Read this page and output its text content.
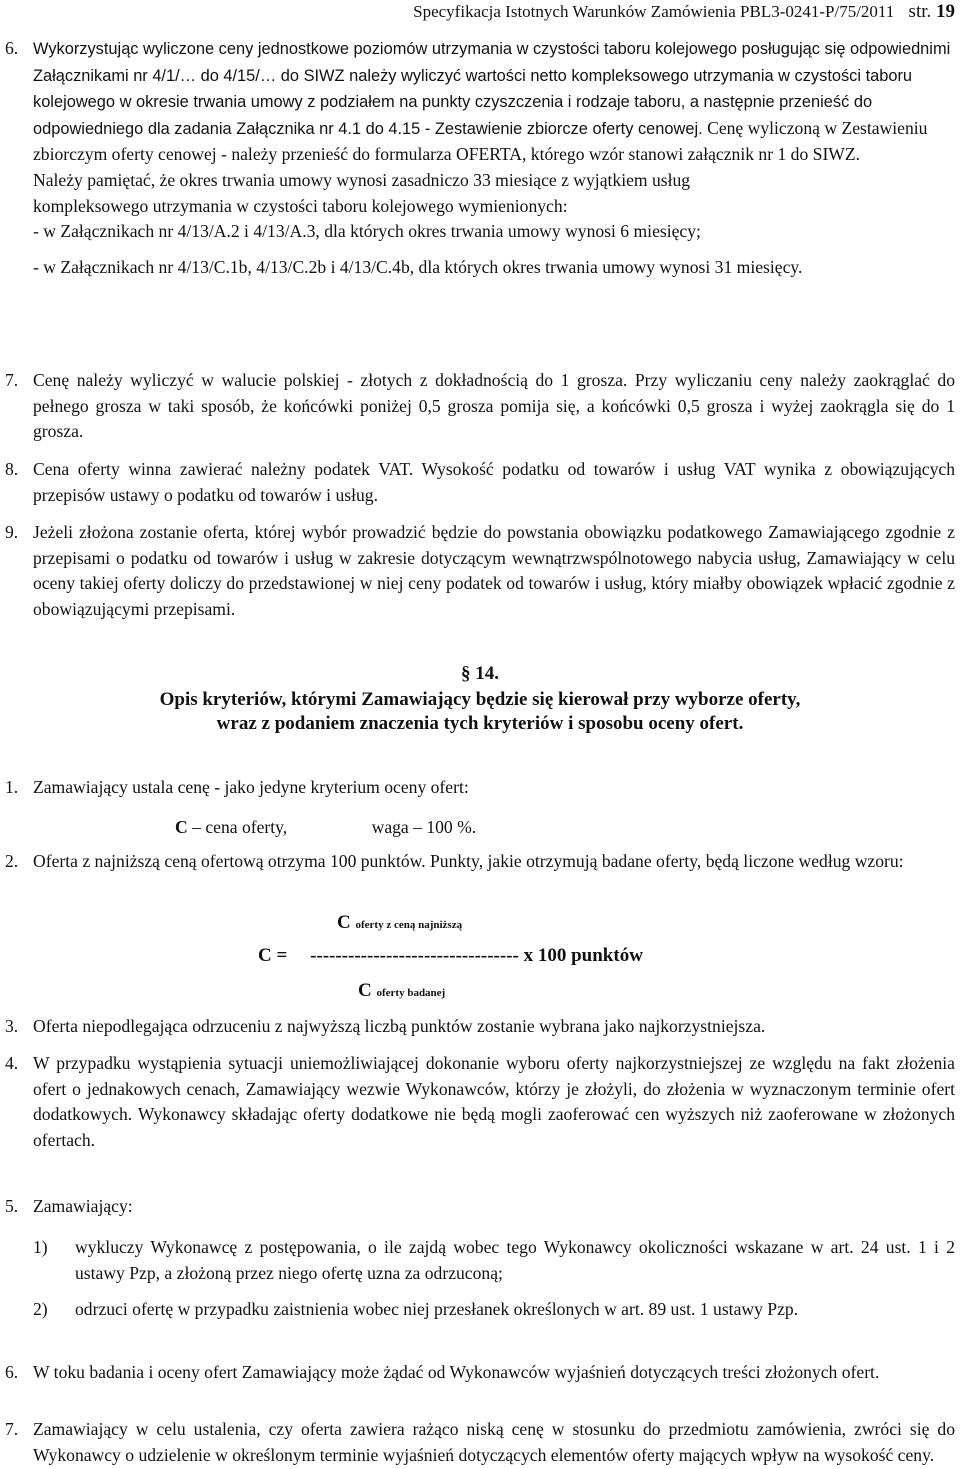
Specyfikacja Istotnych Warunków Zamówienia PBL3-0241-P/75/2011 str. 19
6. Wykorzystując wyliczone ceny jednostkowe poziomów utrzymania w czystości taboru kolejowego posługując się odpowiednimi Załącznikami nr 4/1/… do 4/15/… do SIWZ należy wyliczyć wartości netto kompleksowego utrzymania w czystości taboru kolejowego w okresie trwania umowy z podziałem na punkty czyszczenia i rodzaje taboru, a następnie przenieść do odpowiedniego dla zadania Załącznika nr 4.1 do 4.15 - Zestawienie zbiorcze oferty cenowej. Cenę wyliczoną w Zestawieniu zbiorczym oferty cenowej - należy przenieść do formularza OFERTA, którego wzór stanowi załącznik nr 1 do SIWZ.
Należy pamiętać, że okres trwania umowy wynosi zasadniczo 33 miesiące z wyjątkiem usług
kompleksowego utrzymania w czystości taboru kolejowego wymienionych:
- w Załącznikach nr 4/13/A.2 i 4/13/A.3, dla których okres trwania umowy wynosi 6 miesięcy;
- w Załącznikach nr 4/13/C.1b, 4/13/C.2b i 4/13/C.4b, dla których okres trwania umowy wynosi 31 miesięcy.
7. Cenę należy wyliczyć w walucie polskiej - złotych z dokładnością do 1 grosza. Przy wyliczaniu ceny należy zaokrąglać do pełnego grosza w taki sposób, że końcówki poniżej 0,5 grosza pomija się, a końcówki 0,5 grosza i wyżej zaokrągla się do 1 grosza.
8. Cena oferty winna zawierać należny podatek VAT. Wysokość podatku od towarów i usług VAT wynika z obowiązujących przepisów ustawy o podatku od towarów i usług.
9. Jeżeli złożona zostanie oferta, której wybór prowadzić będzie do powstania obowiązku podatkowego Zamawiającego zgodnie z przepisami o podatku od towarów i usług w zakresie dotyczącym wewnątrzwspólnotowego nabycia usług, Zamawiający w celu oceny takiej oferty doliczy do przedstawionej w niej ceny podatek od towarów i usług, który miałby obowiązek wpłacić zgodnie z obowiązującymi przepisami.
§ 14.
Opis kryteriów, którymi Zamawiający będzie się kierował przy wyborze oferty,
wraz z podaniem znaczenia tych kryteriów i sposobu oceny ofert.
1. Zamawiający ustala cenę - jako jedyne kryterium oceny ofert:
C – cena oferty,	waga – 100 %.
2. Oferta z najniższą ceną ofertową otrzyma 100 punktów. Punkty, jakie otrzymują badane oferty, będą liczone według wzoru:
C oferty z ceną najniższą
C = --------------------------------- x 100 punktów
C oferty badanej
3. Oferta niepodlegająca odrzuceniu z najwyższą liczbą punktów zostanie wybrana jako najkorzystniejsza.
4. W przypadku wystąpienia sytuacji uniemożliwiającej dokonanie wyboru oferty najkorzystniejszej ze względu na fakt złożenia ofert o jednakowych cenach, Zamawiający wezwie Wykonawców, którzy je złożyli, do złożenia w wyznaczonym terminie ofert dodatkowych. Wykonawcy składając oferty dodatkowe nie będą mogli zaoferować cen wyższych niż zaoferowane w złożonych ofertach.
5. Zamawiający:
1)	wykluczy Wykonawcę z postępowania, o ile zajdą wobec tego Wykonawcy okoliczności wskazane w art. 24 ust. 1 i 2 ustawy Pzp, a złożoną przez niego ofertę uzna za odrzuconą;
2)	odrzuci ofertę w przypadku zaistnienia wobec niej przesłanek określonych w art. 89 ust. 1 ustawy Pzp.
6. W toku badania i oceny ofert Zamawiający może żądać od Wykonawców wyjaśnień dotyczących treści złożonych ofert.
7. Zamawiający w celu ustalenia, czy oferta zawiera rażąco niską cenę w stosunku do przedmiotu zamówienia, zwróci się do Wykonawcy o udzielenie w określonym terminie wyjaśnień dotyczących elementów oferty mających wpływ na wysokość ceny.
